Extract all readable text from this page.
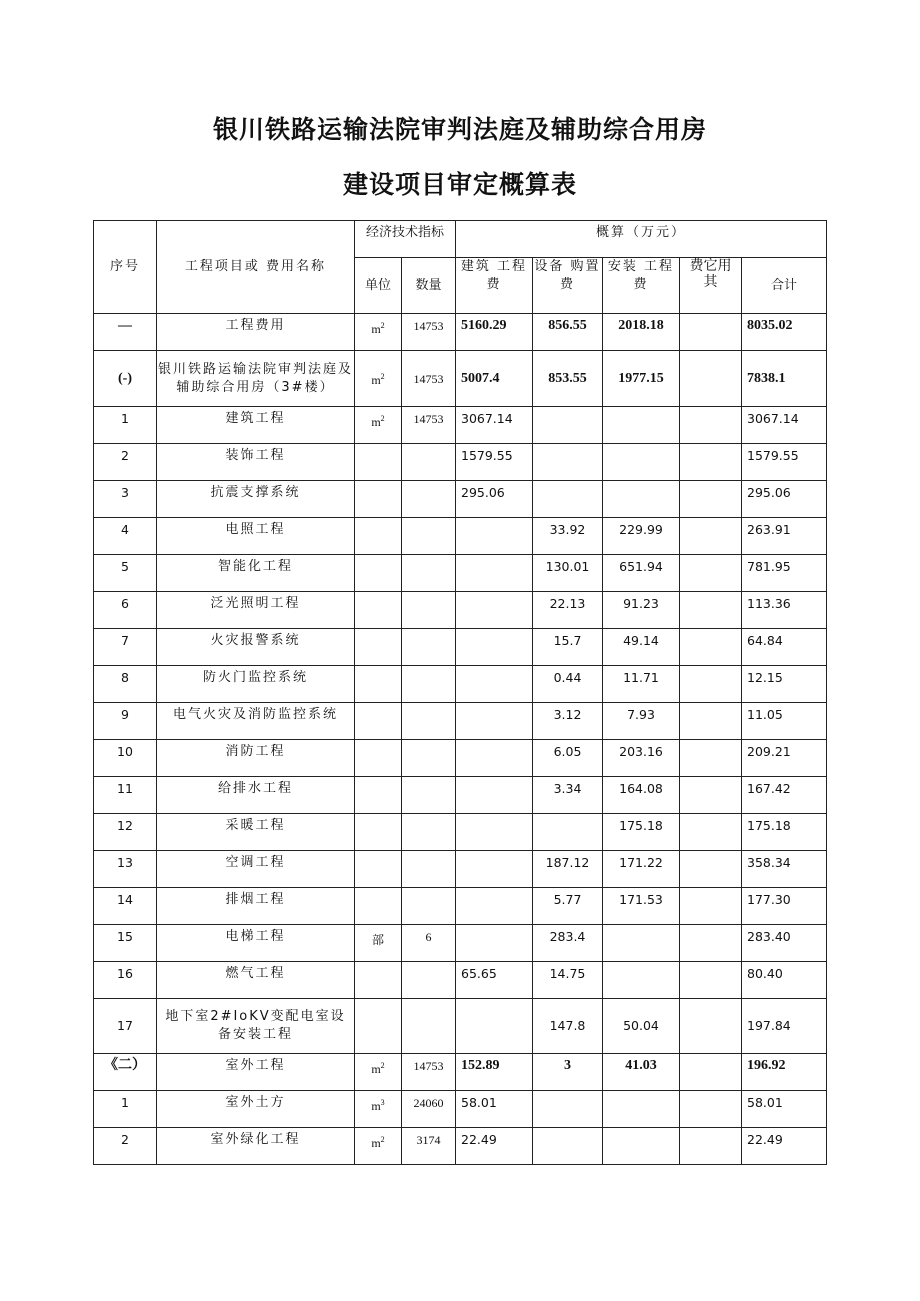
银川铁路运输法院审判法庭及辅助综合用房
建设项目审定概算表
序号	工程项目或 费用名称	经济技术指标		概算（万元）				
		单位	数量	建筑 工程费	设备 购置费	安装 工程费	费它用其	合计
—	工程费用	$m^2$	14753	5160.29	856.55	2018.18		8035.02
(-)	银川铁路运输法院审判法庭及辅助综合用房（3#楼）	$m^2$	14753	5007.4	853.55	1977.15		7838.1
1	建筑工程	$m^2$	14753	3067.14				3067.14
2	装饰工程			1579.55				1579.55
3	抗震支撑系统			295.06				295.06
4	电照工程				33.92	229.99		263.91
5	智能化工程				130.01	651.94		781.95
6	泛光照明工程				22.13	91.23		113.36
7	火灾报警系统				15.7	49.14		64.84
8	防火门监控系统				0.44	11.71		12.15
9	电气火灾及消防监控系统				3.12	7.93		11.05
10	消防工程				6.05	203.16		209.21
11	给排水工程				3.34	164.08		167.42
12	采暖工程					175.18		175.18
13	空调工程				187.12	171.22		358.34
14	排烟工程				5.77	171.53		177.30
15	电梯工程	部	6		283.4			283.40
16	燃气工程			65.65	14.75			80.40
17	地下室2#IoKV变配电室设 备安装工程				147.8	50.04		197.84
《二）	室外工程	$m^2$	14753	152.89	3	41.03		196.92
1	室外土方	$m^3$	24060	58.01				58.01
2	室外绿化工程	$m^2$	3174	22.49				22.49
